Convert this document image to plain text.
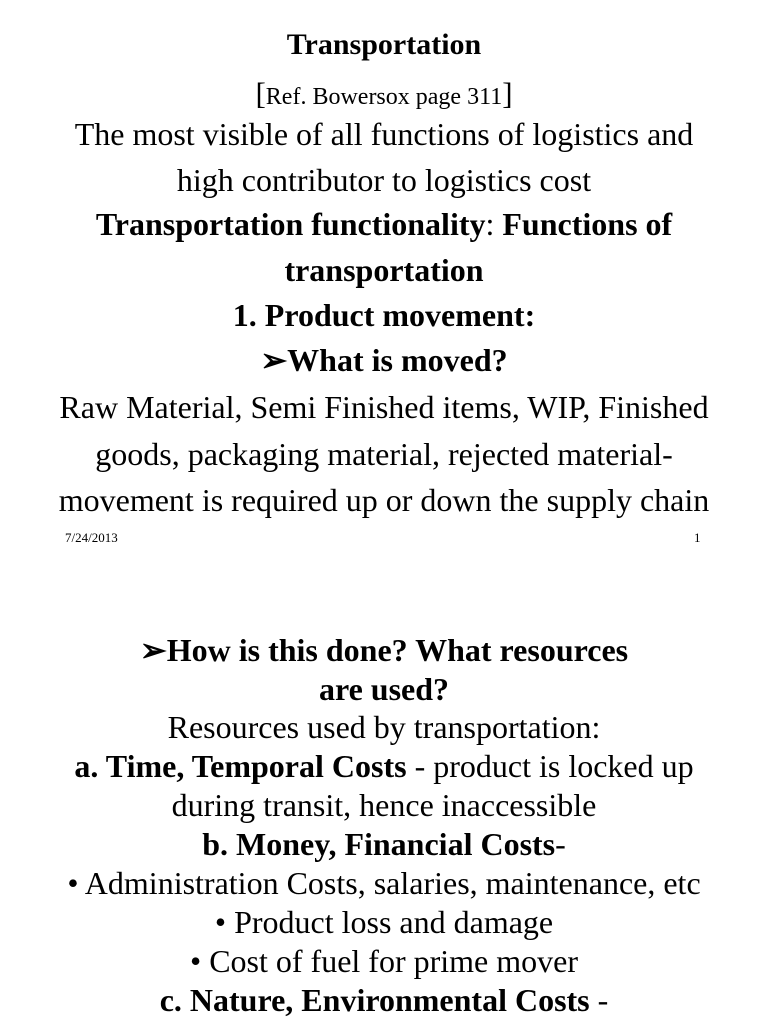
Transportation
[Ref. Bowersox page 311]
The most visible of all functions of logistics and
high contributor to logistics cost
Transportation functionality: Functions of
transportation
1. Product movement:
➢What is moved?
Raw Material, Semi Finished items, WIP, Finished
goods, packaging material, rejected material-
movement is required up or down the supply chain
7/24/2013	1
➢How is this done? What resources
are used?
Resources used by transportation:
a. Time, Temporal Costs - product is locked up
during transit, hence inaccessible
b. Money, Financial Costs-
• Administration Costs, salaries, maintenance, etc
• Product loss and damage
• Cost of fuel for prime mover
c. Nature, Environmental Costs -
